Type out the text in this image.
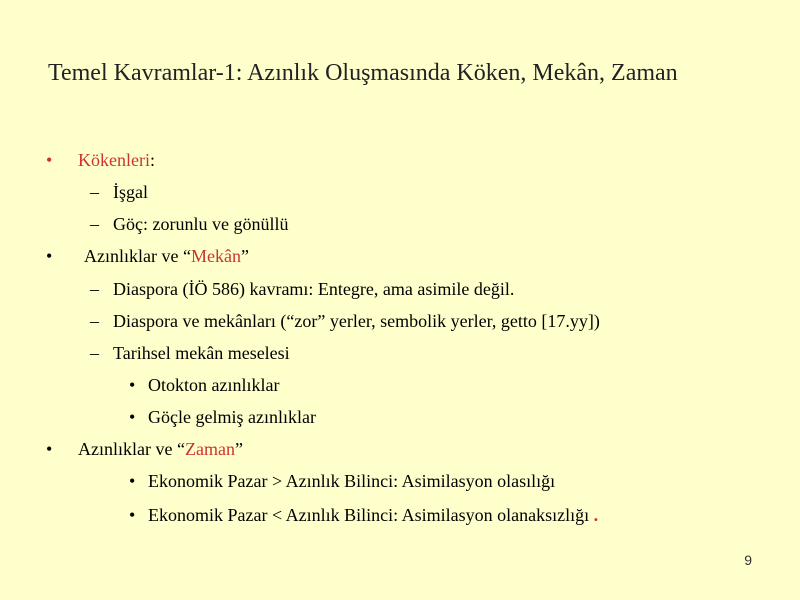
Temel Kavramlar-1: Azınlık Oluşmasında Köken, Mekân, Zaman
• Kökenleri:
– İşgal
– Göç: zorunlu ve gönüllü
• Azınlıklar ve “Mekân”
– Diaspora (İÖ 586) kavramı: Entegre, ama asimile değil.
– Diaspora ve mekânları (“zor” yerler, sembolik yerler, getto [17.yy])
– Tarihsel mekân meselesi
• Otokton azınlıklar
• Göçle gelmiş azınlıklar
• Azınlıklar ve “Zaman”
• Ekonomik Pazar > Azınlık Bilinci: Asimilasyon olasılığı
• Ekonomik Pazar < Azınlık Bilinci: Asimilasyon olanaksızlığı .
9
